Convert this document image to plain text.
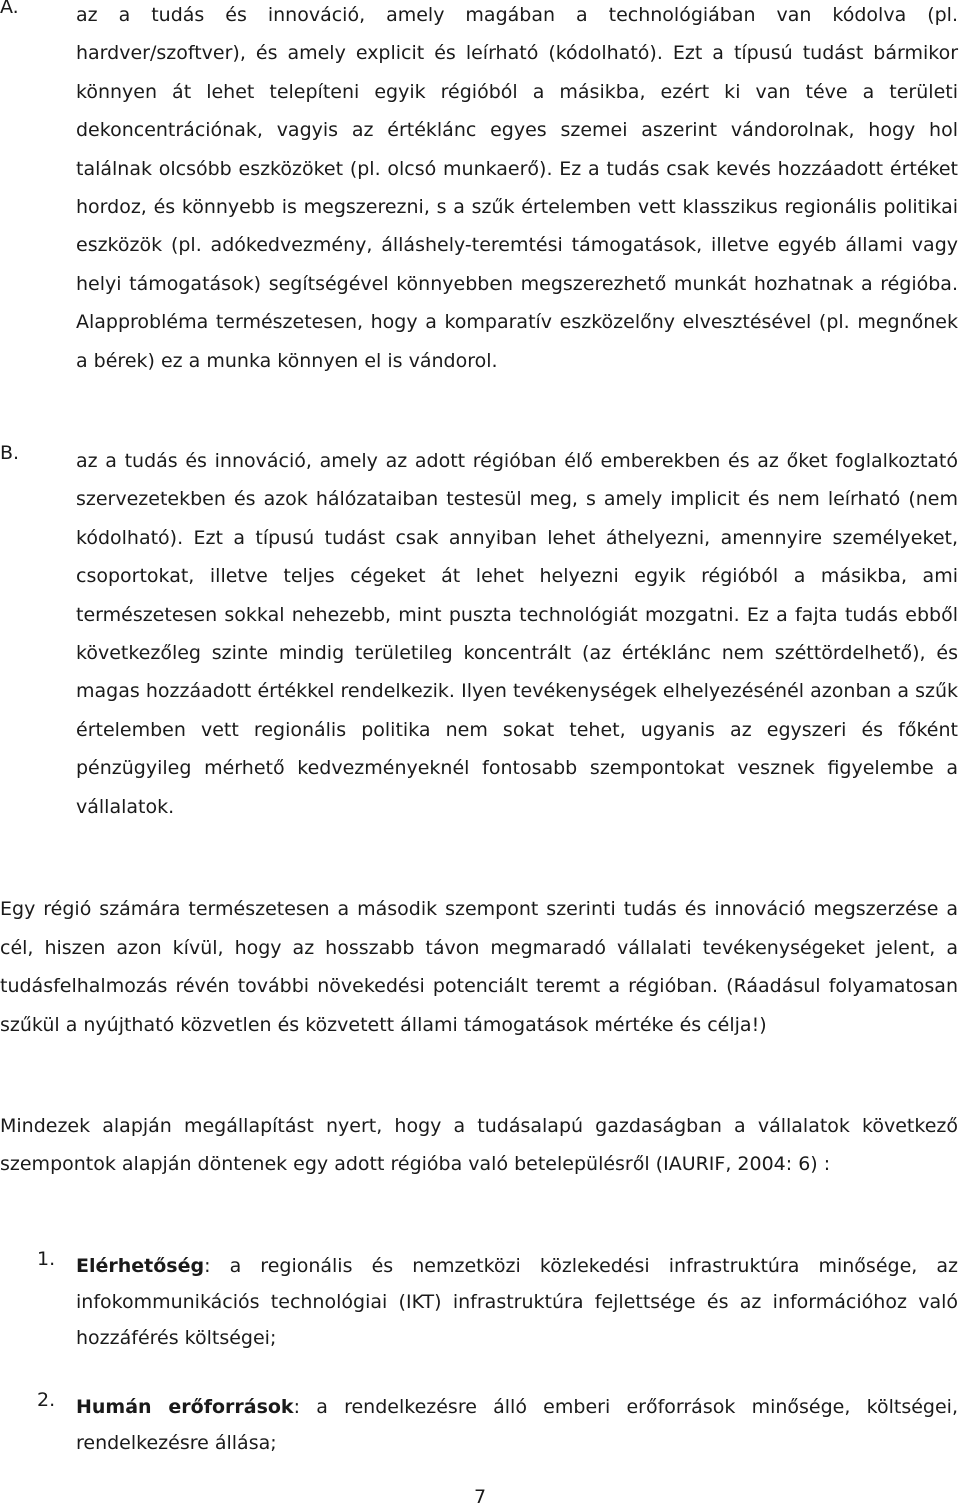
A.	az a tudás és innováció, amely magában a technológiában van kódolva (pl. hardver/szoftver), és amely explicit és leírható (kódolható). Ezt a típusú tudást bármikor könnyen át lehet telepíteni egyik régióból a másikba, ezért ki van téve a területi dekoncentrációnak, vagyis az értéklánc egyes szemei aszerint vándorolnak, hogy hol találnak olcsóbb eszközöket (pl. olcsó munkaerő). Ez a tudás csak kevés hozzáadott értéket hordoz, és könnyebb is megszerezni, s a szűk értelemben vett klasszikus regionális politikai eszközök (pl. adókedvezmény, álláshely-teremtési támogatások, illetve egyéb állami vagy helyi támogatások) segítségével könnyebben megszerezhető munkát hozhatnak a régióba. Alapprobléma természetesen, hogy a komparatív eszközelőny elvesztésével (pl. megnőnek a bérek) ez a munka könnyen el is vándorol.

B.	az a tudás és innováció, amely az adott régióban élő emberekben és az őket foglalkoztató szervezetekben és azok hálózataiban testesül meg, s amely implicit és nem leírható (nem kódolható). Ezt a típusú tudást csak annyiban lehet áthelyezni, amennyire személyeket, csoportokat, illetve teljes cégeket át lehet helyezni egyik régióból a másikba, ami természetesen sokkal nehezebb, mint puszta technológiát mozgatni. Ez a fajta tudás ebből következőleg szinte mindig területileg koncentrált (az értéklánc nem széttördelhető), és magas hozzáadott értékkel rendelkezik. Ilyen tevékenységek elhelyezésénél azonban a szűk értelemben vett regionális politika nem sokat tehet, ugyanis az egyszeri és főként pénzügyileg mérhető kedvezményeknél fontosabb szempontokat vesznek figyelembe a vállalatok.

Egy régió számára természetesen a második szempont szerinti tudás és innováció megszerzése a cél, hiszen azon kívül, hogy az hosszabb távon megmaradó vállalati tevékenységeket jelent, a tudásfelhalmozás révén további növekedési potenciált teremt a régióban. (Ráadásul folyamatosan szűkül a nyújtható közvetlen és közvetett állami támogatások mértéke és célja!)

Mindezek alapján megállapítást nyert, hogy a tudásalapú gazdaságban a vállalatok következő szempontok alapján döntenek egy adott régióba való betelepülésről (IAURIF, 2004: 6) :

1. Elérhetőség: a regionális és nemzetközi közlekedési infrastruktúra minősége, az infokommunikációs technológiai (IKT) infrastruktúra fejlettsége és az információhoz való hozzáférés költségei;

2. Humán erőforrások: a rendelkezésre álló emberi erőforrások minősége, költségei, rendelkezésre állása;

7
